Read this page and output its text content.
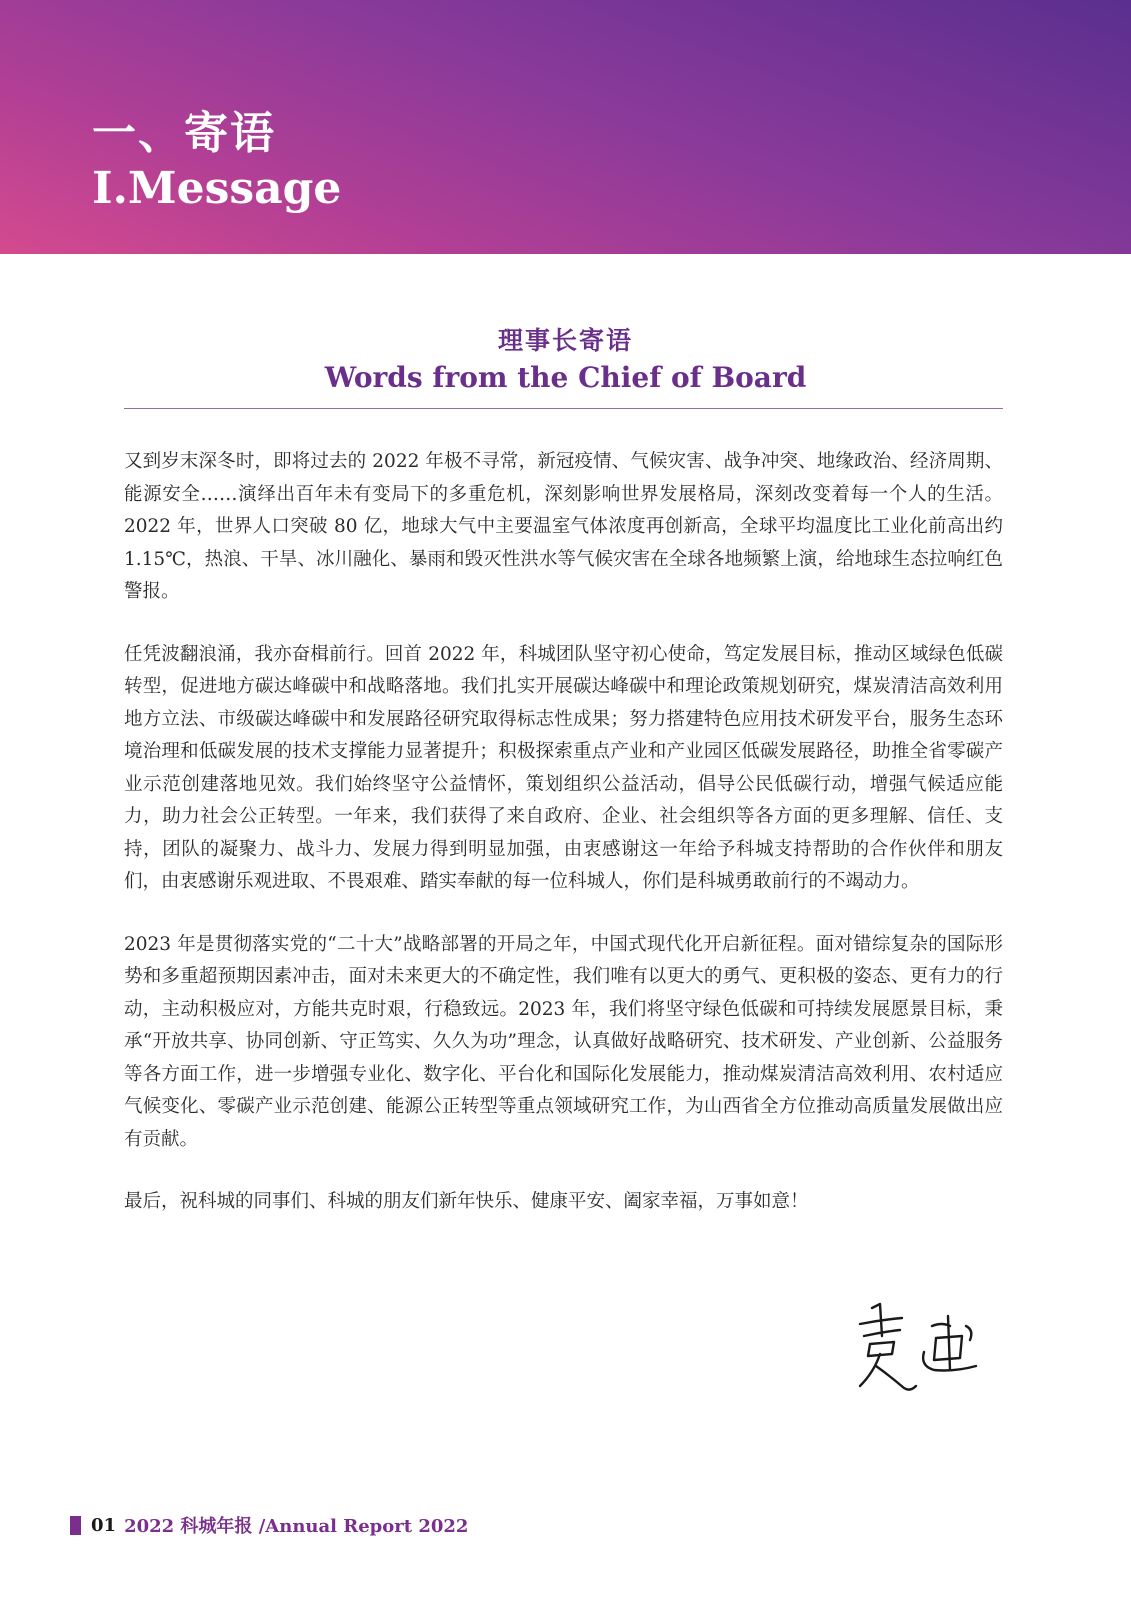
一、寄语
I.Message
理事长寄语
Words from the Chief of Board

又到岁末深冬时，即将过去的 2022 年极不寻常，新冠疫情、气候灾害、战争冲突、地缘政治、经济周期、能源安全……演绎出百年未有变局下的多重危机，深刻影响世界发展格局，深刻改变着每一个人的生活。2022 年，世界人口突破 80 亿，地球大气中主要温室气体浓度再创新高，全球平均温度比工业化前高出约 1.15℃，热浪、干旱、冰川融化、暴雨和毁灭性洪水等气候灾害在全球各地频繁上演，给地球生态拉响红色警报。

任凭波翻浪涌，我亦奋楫前行。回首 2022 年，科城团队坚守初心使命，笃定发展目标，推动区域绿色低碳转型，促进地方碳达峰碳中和战略落地。我们扎实开展碳达峰碳中和理论政策规划研究，煤炭清洁高效利用地方立法、市级碳达峰碳中和发展路径研究取得标志性成果；努力搭建特色应用技术研发平台，服务生态环境治理和低碳发展的技术支撑能力显著提升；积极探索重点产业和产业园区低碳发展路径，助推全省零碳产业示范创建落地见效。我们始终坚守公益情怀，策划组织公益活动，倡导公民低碳行动，增强气候适应能力，助力社会公正转型。一年来，我们获得了来自政府、企业、社会组织等各方面的更多理解、信任、支持，团队的凝聚力、战斗力、发展力得到明显加强，由衷感谢这一年给予科城支持帮助的合作伙伴和朋友们，由衷感谢乐观进取、不畏艰难、踏实奉献的每一位科城人，你们是科城勇敢前行的不竭动力。

2023 年是贯彻落实党的“二十大”战略部署的开局之年，中国式现代化开启新征程。面对错综复杂的国际形势和多重超预期因素冲击，面对未来更大的不确定性，我们唯有以更大的勇气、更积极的姿态、更有力的行动，主动积极应对，方能共克时艰，行稳致远。2023 年，我们将坚守绿色低碳和可持续发展愿景目标，秉承“开放共享、协同创新、守正笃实、久久为功”理念，认真做好战略研究、技术研发、产业创新、公益服务等各方面工作，进一步增强专业化、数字化、平台化和国际化发展能力，推动煤炭清洁高效利用、农村适应气候变化、零碳产业示范创建、能源公正转型等重点领域研究工作，为山西省全方位推动高质量发展做出应有贡献。

最后，祝科城的同事们、科城的朋友们新年快乐、健康平安、阖家幸福，万事如意！

01 2022 科城年报 /Annual Report 2022
